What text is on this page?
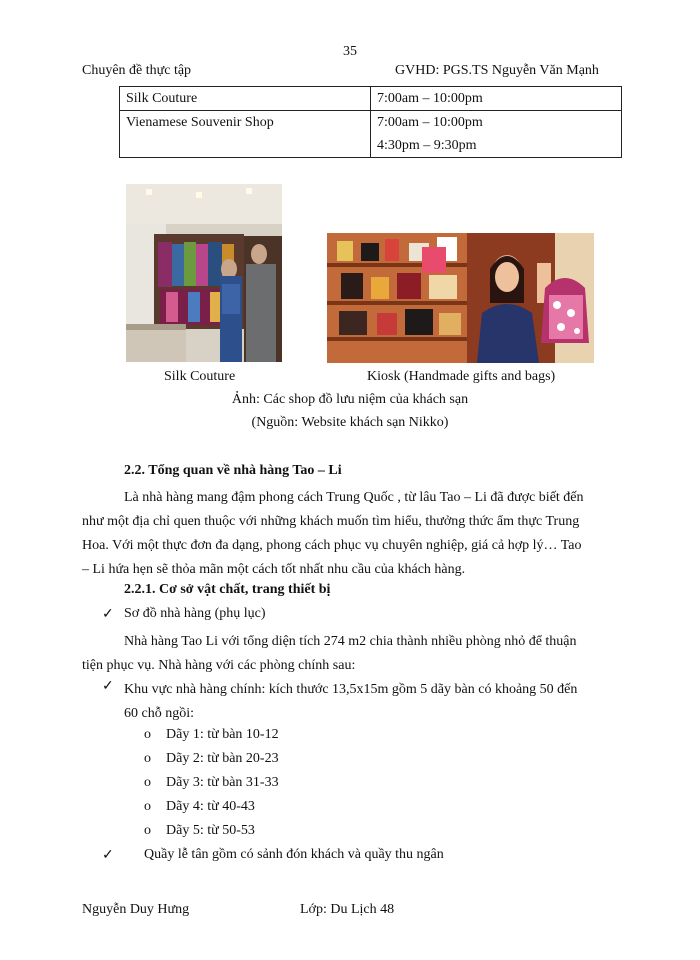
35
Chuyên đề thực tập	GVHD: PGS.TS Nguyễn Văn Mạnh
Silk Couture	7:00am – 10:00pm
Vienamese Souvenir Shop	7:00am – 10:00pm
4:30pm – 9:30pm
Silk Couture	Kiosk (Handmade gifts and bags)
Ảnh: Các shop đồ lưu niệm của khách sạn
(Nguồn: Website khách sạn Nikko)
2.2. Tổng quan về nhà hàng Tao – Li
Là nhà hàng mang đậm phong cách Trung Quốc , từ lâu Tao – Li đã được biết đến
như một địa chỉ quen thuộc với những khách muốn tìm hiểu, thưởng thức ẩm thực Trung
Hoa. Với một thực đơn đa dạng, phong cách phục vụ chuyên nghiệp, giá cả hợp lý… Tao
– Li hứa hẹn sẽ thỏa mãn một cách tốt nhất nhu cầu của khách hàng.
2.2.1. Cơ sở vật chất, trang thiết bị
✓ Sơ đồ nhà hàng (phụ lục)
Nhà hàng Tao Li với tổng diện tích 274 m2 chia thành nhiều phòng nhỏ để thuận
tiện phục vụ. Nhà hàng với các phòng chính sau:
✓ Khu vực nhà hàng chính: kích thước 13,5x15m gồm 5 dãy bàn có khoảng 50 đến
60 chỗ ngồi:
o Dãy 1: từ bàn 10-12
o Dãy 2: từ bàn 20-23
o Dãy 3: từ bàn 31-33
o Dãy 4: từ 40-43
o Dãy 5: từ 50-53
✓ Quầy lễ tân gồm có sảnh đón khách và quầy thu ngân
Nguyễn Duy Hưng	Lớp: Du Lịch 48
